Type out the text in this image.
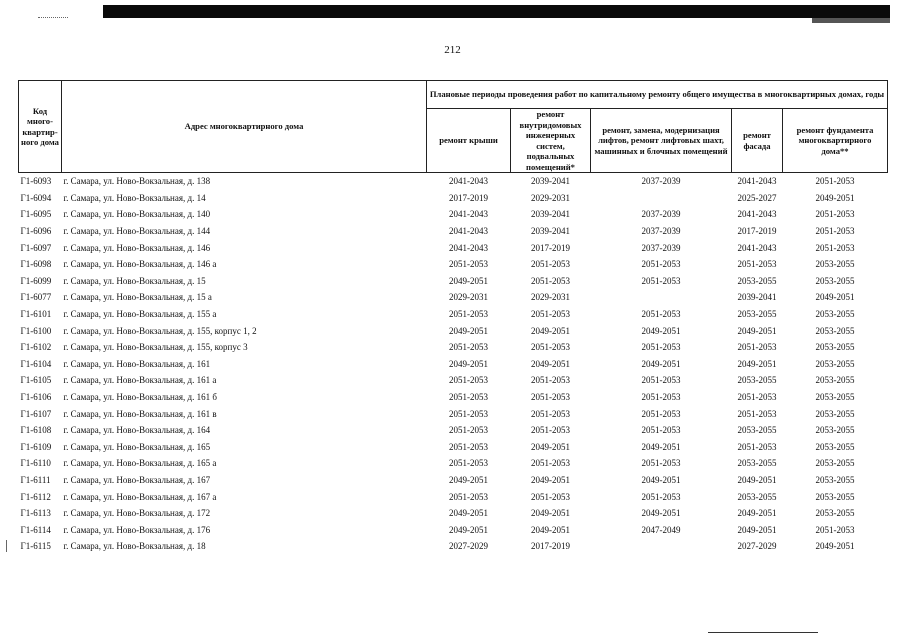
212
Код много-квартир-ного дома	Адрес многоквартирного дома	Плановые периоды проведения работ по капитальному ремонту общего имущества в многоквартирных домах, годы				
		ремонт крыши	ремонт внутридомовых инженерных систем, подвальных помещений*	ремонт, замена, модернизация лифтов, ремонт лифтовых шахт, машинных и блочных помещений	ремонт фасада	ремонт фундамента многоквартирного дома**
Г1-6093	г. Самара, ул. Ново-Вокзальная, д. 138	2041-2043	2039-2041	2037-2039	2041-2043	2051-2053
Г1-6094	г. Самара, ул. Ново-Вокзальная, д. 14	2017-2019	2029-2031		2025-2027	2049-2051
Г1-6095	г. Самара, ул. Ново-Вокзальная, д. 140	2041-2043	2039-2041	2037-2039	2041-2043	2051-2053
Г1-6096	г. Самара, ул. Ново-Вокзальная, д. 144	2041-2043	2039-2041	2037-2039	2017-2019	2051-2053
Г1-6097	г. Самара, ул. Ново-Вокзальная, д. 146	2041-2043	2017-2019	2037-2039	2041-2043	2051-2053
Г1-6098	г. Самара, ул. Ново-Вокзальная, д. 146 а	2051-2053	2051-2053	2051-2053	2051-2053	2053-2055
Г1-6099	г. Самара, ул. Ново-Вокзальная, д. 15	2049-2051	2051-2053	2051-2053	2053-2055	2053-2055
Г1-6077	г. Самара, ул. Ново-Вокзальная, д. 15 а	2029-2031	2029-2031		2039-2041	2049-2051
Г1-6101	г. Самара, ул. Ново-Вокзальная, д. 155 а	2051-2053	2051-2053	2051-2053	2053-2055	2053-2055
Г1-6100	г. Самара, ул. Ново-Вокзальная, д. 155, корпус 1, 2	2049-2051	2049-2051	2049-2051	2049-2051	2053-2055
Г1-6102	г. Самара, ул. Ново-Вокзальная, д. 155, корпус 3	2051-2053	2051-2053	2051-2053	2051-2053	2053-2055
Г1-6104	г. Самара, ул. Ново-Вокзальная, д. 161	2049-2051	2049-2051	2049-2051	2049-2051	2053-2055
Г1-6105	г. Самара, ул. Ново-Вокзальная, д. 161 а	2051-2053	2051-2053	2051-2053	2053-2055	2053-2055
Г1-6106	г. Самара, ул. Ново-Вокзальная, д. 161 б	2051-2053	2051-2053	2051-2053	2051-2053	2053-2055
Г1-6107	г. Самара, ул. Ново-Вокзальная, д. 161 в	2051-2053	2051-2053	2051-2053	2051-2053	2053-2055
Г1-6108	г. Самара, ул. Ново-Вокзальная, д. 164	2051-2053	2051-2053	2051-2053	2053-2055	2053-2055
Г1-6109	г. Самара, ул. Ново-Вокзальная, д. 165	2051-2053	2049-2051	2049-2051	2051-2053	2053-2055
Г1-6110	г. Самара, ул. Ново-Вокзальная, д. 165 а	2051-2053	2051-2053	2051-2053	2053-2055	2053-2055
Г1-6111	г. Самара, ул. Ново-Вокзальная, д. 167	2049-2051	2049-2051	2049-2051	2049-2051	2053-2055
Г1-6112	г. Самара, ул. Ново-Вокзальная, д. 167 а	2051-2053	2051-2053	2051-2053	2053-2055	2053-2055
Г1-6113	г. Самара, ул. Ново-Вокзальная, д. 172	2049-2051	2049-2051	2049-2051	2049-2051	2053-2055
Г1-6114	г. Самара, ул. Ново-Вокзальная, д. 176	2049-2051	2049-2051	2047-2049	2049-2051	2051-2053
Г1-6115	г. Самара, ул. Ново-Вокзальная, д. 18	2027-2029	2017-2019		2027-2029	2049-2051
